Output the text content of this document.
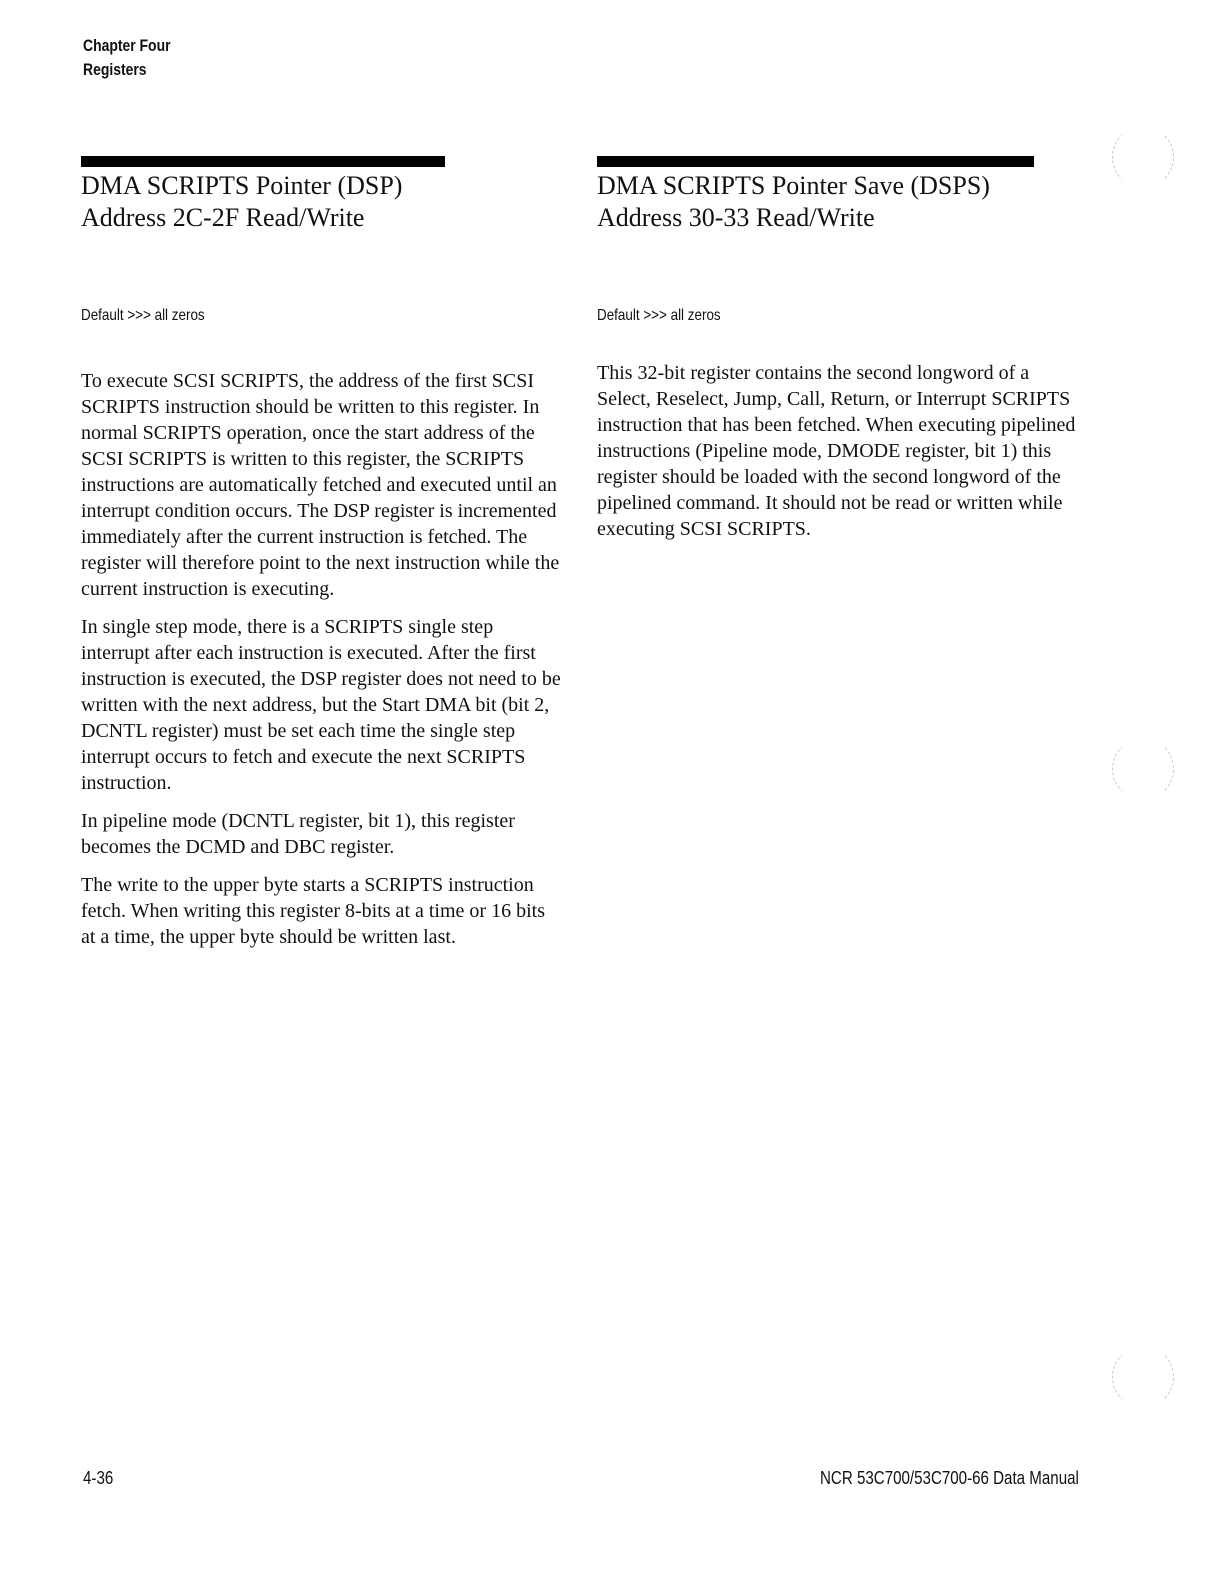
Chapter Four
Registers
DMA SCRIPTS Pointer (DSP)
Address 2C-2F Read/Write
Default >>> all zeros

To execute SCSI SCRIPTS, the address of the first SCSI SCRIPTS instruction should be written to this register. In normal SCRIPTS operation, once the start address of the SCSI SCRIPTS is written to this register, the SCRIPTS instructions are automatically fetched and executed until an interrupt condition occurs. The DSP register is incremented immediately after the current instruction is fetched. The register will therefore point to the next instruction while the current instruction is executing.

In single step mode, there is a SCRIPTS single step interrupt after each instruction is executed. After the first instruction is executed, the DSP register does not need to be written with the next address, but the Start DMA bit (bit 2, DCNTL register) must be set each time the single step interrupt occurs to fetch and execute the next SCRIPTS instruction.

In pipeline mode (DCNTL register, bit 1), this register becomes the DCMD and DBC register.

The write to the upper byte starts a SCRIPTS instruction fetch. When writing this register 8-bits at a time or 16 bits at a time, the upper byte should be written last.

DMA SCRIPTS Pointer Save (DSPS)
Address 30-33 Read/Write
Default >>> all zeros

This 32-bit register contains the second longword of a Select, Reselect, Jump, Call, Return, or Interrupt SCRIPTS instruction that has been fetched. When executing pipelined instructions (Pipeline mode, DMODE register, bit 1) this register should be loaded with the second longword of the pipelined command. It should not be read or written while executing SCSI SCRIPTS.

4-36	NCR 53C700/53C700-66 Data Manual
